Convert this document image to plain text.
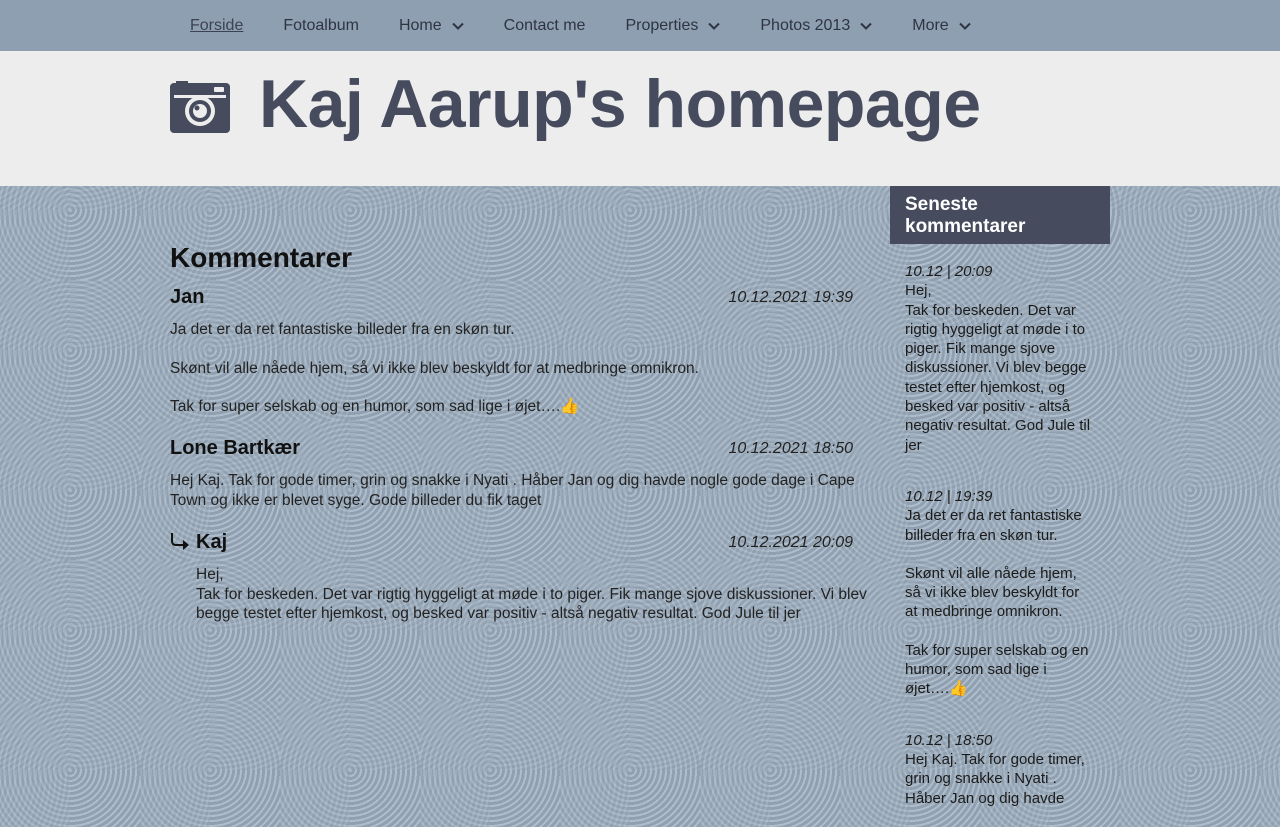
Forside	Fotoalbum	Home	Contact me	Properties	Photos 2013	More
Kaj Aarup's homepage
Kommentarer
Jan	10.12.2021 19:39

Ja det er da ret fantastiske billeder fra en skøn tur.

Skønt vil alle nåede hjem, så vi ikke blev beskyldt for at medbringe omnikron.

Tak for super selskab og en humor, som sad lige i øjet….👍

Lone Bartkær	10.12.2021 18:50

Hej Kaj. Tak for gode timer, grin og snakke i Nyati . Håber Jan og dig havde nogle gode dage i Cape Town og ikke er blevet syge. Gode billeder du fik taget

Kaj	10.12.2021 20:09
Hej,
Tak for beskeden. Det var rigtig hyggeligt at møde i to piger. Fik mange sjove diskussioner. Vi blev begge testet efter hjemkost, og besked var positiv - altså negativ resultat. God Jule til jer
Seneste kommentarer
10.12 | 20:09
Hej,

Tak for beskeden. Det var rigtig hyggeligt at møde i to piger. Fik mange sjove diskussioner. Vi blev begge testet efter hjemkost, og besked var positiv - altså negativ resultat. God Jule til jer

10.12 | 19:39

Ja det er da ret fantastiske billeder fra en skøn tur.

Skønt vil alle nåede hjem, så vi ikke blev beskyldt for at medbringe omnikron.

Tak for super selskab og en humor, som sad lige i øjet….👍

10.12 | 18:50

Hej Kaj. Tak for gode timer, grin og snakke i Nyati . Håber Jan og dig havde
